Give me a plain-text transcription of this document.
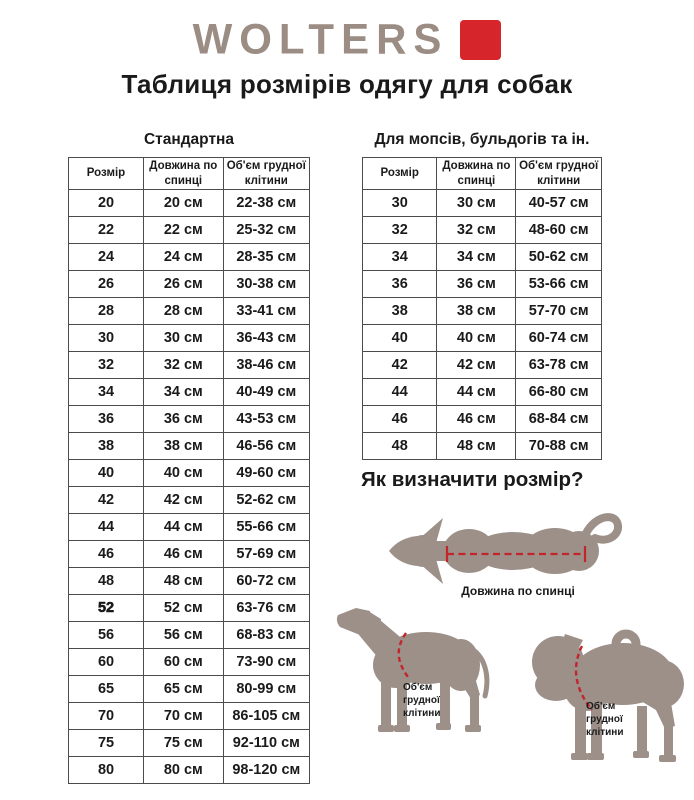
WOLTERS
Таблиця розмірів одягу для собак
Стандартна
Розмір	Довжина по спинці	Об'єм грудної клітини
20	20 см	22-38 см
22	22 см	25-32 см
24	24 см	28-35 см
26	26 см	30-38 см
28	28 см	33-41 см
30	30 см	36-43 см
32	32 см	38-46 см
34	34 см	40-49 см
36	36 см	43-53 см
38	38 см	46-56 см
40	40 см	49-60 см
42	42 см	52-62 см
44	44 см	55-66 см
46	46 см	57-69 см
48	48 см	60-72 см
52	52 см	63-76 см
56	56 см	68-83 см
60	60 см	73-90 см
65	65 см	80-99 см
70	70 см	86-105 см
75	75 см	92-110 см
80	80 см	98-120 см
Для мопсів, бульдогів та ін.
Розмір	Довжина по спинці	Об'єм грудної клітини
30	30 см	40-57 см
32	32 см	48-60 см
34	34 см	50-62 см
36	36 см	53-66 см
38	38 см	57-70 см
40	40 см	60-74 см
42	42 см	63-78 см
44	44 см	66-80 см
46	46 см	68-84 см
48	48 см	70-88 см
Як визначити розмір?
Довжина по спинці
Об'єм
грудної
клітини
Об'єм
грудної
клітини
